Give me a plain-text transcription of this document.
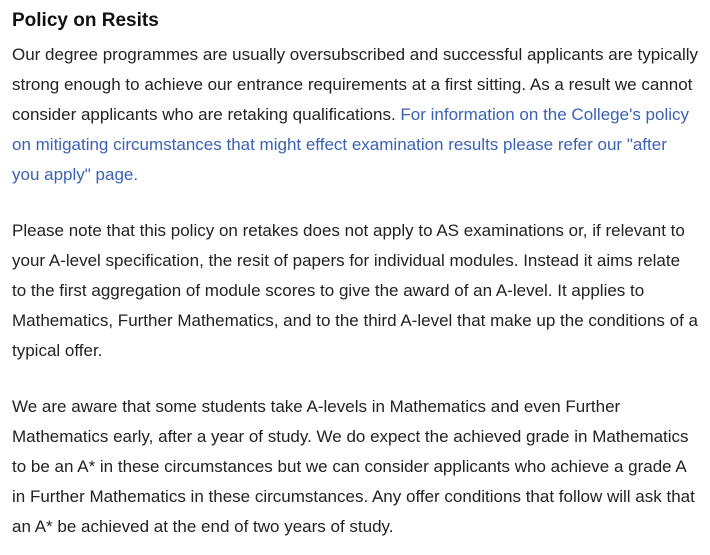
Policy on Resits

Our degree programmes are usually oversubscribed and successful applicants are typically strong enough to achieve our entrance requirements at a first sitting. As a result we cannot consider applicants who are retaking qualifications. For information on the College's policy on mitigating circumstances that might effect examination results please refer our "after you apply" page.

Please note that this policy on retakes does not apply to AS examinations or, if relevant to your A-level specification, the resit of papers for individual modules. Instead it aims relate to the first aggregation of module scores to give the award of an A-level. It applies to Mathematics, Further Mathematics, and to the third A-level that make up the conditions of a typical offer.

We are aware that some students take A-levels in Mathematics and even Further Mathematics early, after a year of study. We do expect the achieved grade in Mathematics to be an A* in these circumstances but we can consider applicants who achieve a grade A in Further Mathematics in these circumstances. Any offer conditions that follow will ask that an A* be achieved at the end of two years of study.
